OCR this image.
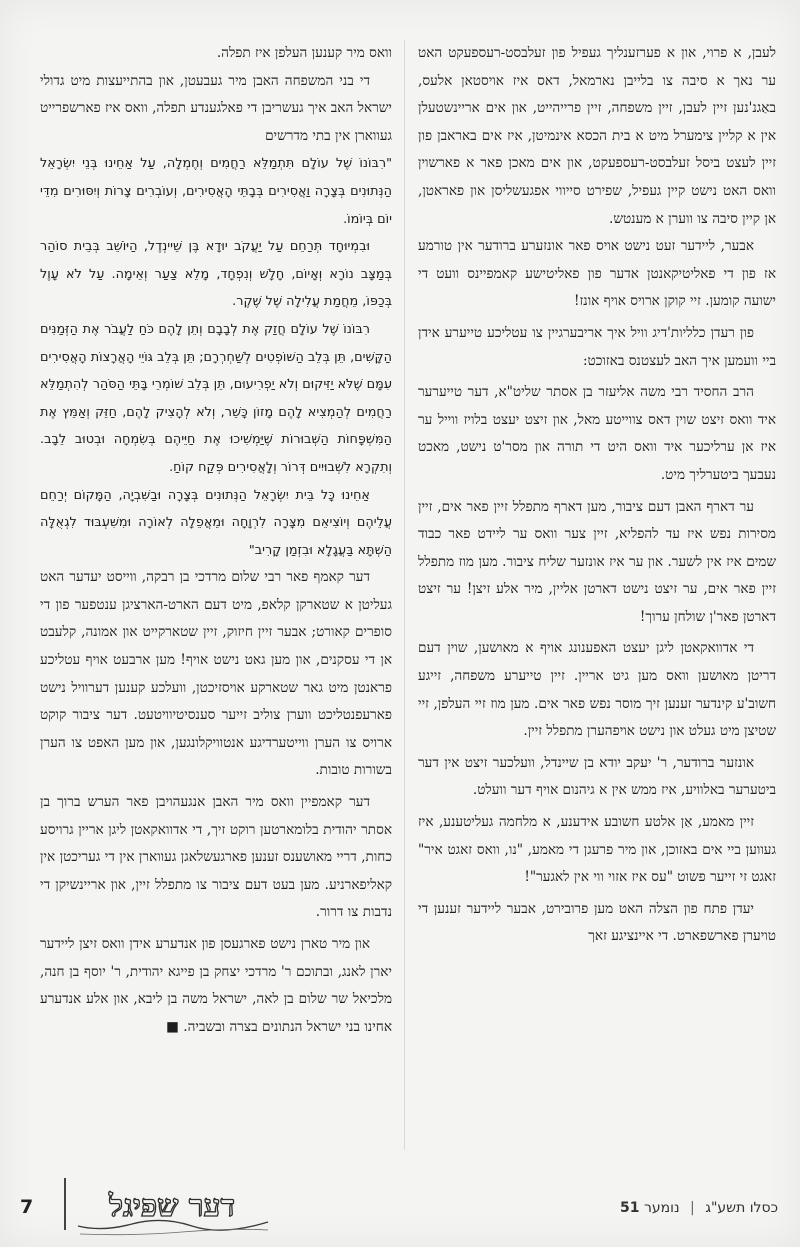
לעבן, א פרוי, און א פערזענליך געפיל פון זעלבסט-רעספעקט האט ער נאך א סיבה צו בלייבן נארמאל, דאס איז אויסטאן אלעס, באַגנ'נען זיין לעבן, זיין משפחה, זיין פרייהייט, און אים אריינשטעלן אין א קליין צימערל מיט א בית הכסא אינמיטן, איז אים באראבן פון זיין לעצט ביסל זעלבסט-רעספעקט, און אים מאכן פאר א פארשוין וואס האט נישט קיין געפיל, שפירט סייווי אפגעשליסן און פאראטן, אן קיין סיבה צו ווערן א מענטש.

אבער, ליידער זעט נישט אויס פאר אונזערע ברודער אין טורמע אז פון די פאליטיקאנטן אדער פון פאליטישע קאמפיינס וועט די ישועה קומען. זיי קוקן ארויס אויף אונז!

פון רעדן כלליות'דיג וויל איך אריבערגיין צו עטליכע טייערע אידן ביי וועמען איך האב לעצטנס באזוכט:

הרב החסיד רבי משה אליעזר בן אסתר שליט"א, דער טייערער איד וואס זיצט שוין דאס צווייטע מאל, און זיצט יעצט בלויז ווייל ער איז אן ערליכער איד וואס היט די תורה און מסר'ט נישט, מאכט נעבעך ביטערליך מיט.

ער דארף האבן דעם ציבור, מען דארף מתפלל זיין פאר אים, זיין מסירות נפש איז עד להפליא, זיין צער וואס ער ליידט פאר כבוד שמים איז אין לשער. און ער איז אונזער שליח ציבור. מען מוז מתפלל זיין פאר אים, ער זיצט נישט דארטן אליין, מיר אלע זיצן! ער זיצט דארטן פאר'ן שולחן ערוך!

די אדוואקאטן ליגן יעצט האפענונג אויף א מאושען, שוין דעם דריטן מאושען וואס מען גיט אריין. זיין טייערע משפחה, זייגע חשוב'ע קינדער זענען זיך מוסר נפש פאר אים. מען מוז זיי העלפן, זיי שטיצן מיט געלט און נישט אויפהערן מתפלל זיין.

אונזער ברודער, ר' יעקב יודא בן שיינדל, וועלכער זיצט אין דער ביטערער באלוויע, איז ממש אין א גיהנום אויף דער וועלט.

זיין מאמע, אַן אלטע חשובע אידענע, א מלחמה געליטענע, איז געווען ביי אים באזוכן, און מיר פרעגן די מאמע, "נו, וואס זאגט איר" זאגט זי זייער פשוט "עס איז אזוי ווי אין לאגער"!

יעדן פתח פון הצלה האט מען פרובירט, אבער ליידער זענען די טויערן פארשפארט. די איינציגע זאך

וואס מיר קענען העלפן איז תפלה.

די בני המשפחה האבן מיר געבעטן, און בהתייעצות מיט גדולי ישראל האב איך געשריבן די פאלגענדע תפלה, וואס איז פארשפרייט געווארן אין בתי מדרשים

"רִבּוֹנוֹ שֶׁל עוֹלָם תִּתְמַלֵּא רַחֲמִים וְחֶמְלָה, עַל אַחֵינוּ בְּנֵי יִשְׂרָאֵל הַנְּתוּנִים בְּצָרָה וַאֲסִירִים בְּבָתֵּי הָאֲסִירִים, וְעוֹבְרִים צָרוֹת וְיִסּוּרִים מִדֵּי יוֹם בְּיוֹמוֹ.

וּבִמְיוּחָד תְּרַחֵם עַל יַעֲקֹב יוּדָא בֶּן שֵׁיינְדֶל, הַיּוֹשֵׁב בְּבֵית סוֹהַר בְּמַצָּב נוֹרָא וְאָיוֹם, חָלָשׁ וְנִפְחָד, מָלֵא צַעַר וְאֵימָה. עַל לֹא עָוֶל בְּכַפּוֹ, מֵחֲמַת עֲלִילָה שֶׁל שֶׁקֶר.

רִבּוֹנוֹ שֶׁל עוֹלָם חֲזַק אֶת לְבָבָם וְתֵן לָהֶם כֹּחַ לַעֲבֹר אֶת הַזְּמַנִּים הַקָּשִׁים, תֵּן בְּלֵב הַשּׁוֹפְטִים לְשַׁחְרְרָם; תֵּן בְּלֵב גּוֹיֵי הָאֲרָצוֹת הָאֲסִירִים עִמָּם שֶׁלֹּא יַזִּיקוּם וְלֹא יַפְרִיעוּם, תֵּן בְּלֵב שׁוֹמְרֵי בָּתֵּי הַסֹּהַר לְהִתְמַלֵּא רַחֲמִים לְהַמְצִיא לָהֶם מָזוֹן כָּשֵׁר, וְלֹא לְהָצִיק לָהֶם, חַזֵּק וְאַמֵּץ אֶת הַמִּשְׁפָּחוֹת הַשְּׁבוּרוֹת שֶׁיַּמְשִׁיכוּ אֶת חַיֵּיהֶם בְּשִׂמְחָה וּבְטוּב לֵבָב. וְתִקְרָא לִשְׁבוּיִים דְּרוֹר וְלָאֲסִירִים פְּקַח קוֹחַ.

אַחֵינוּ כָּל בֵּית יִשְׂרָאֵל הַנְּתוּנִים בְּצָרָה וּבַשִּׁבְיָה, הַמָּקוֹם יְרַחֵם עֲלֵיהֶם וְיוֹצִיאֵם מִצָּרָה לִרְוָחָה וּמֵאֲפֵלָה לְאוֹרָה וּמִשִּׁעְבּוּד לִגְאֻלָּה הַשְׁתָּא בַּעֲגָלָא וּבִזְמַן קָרִיב"

דער קאמף פאר רבי שלום מרדכי בן רבקה, ווייסט יעדער האט געליטן א שטארקן קלאפ, מיט דעם הארט-הארציגן ענטפער פון די סופרים קאורט; אבער זיין חיזוק, זיין שטארקייט און אמונה, קלעבט אן די עסקנים, און מען גאט נישט אויף! מען ארבעט אויף עטליכע פראנטן מיט גאר שטארקע אויסזיכטן, וועלכע קענען דערוויל נישט פארעפנטליכט ווערן צוליב זייער סענסיטיוויטעט. דער ציבור קוקט ארויס צו הערן ווייטערדיגע אנטוויקלונגען, און מען האפט צו הערן בשורות טובות.

דער קאמפיין וואס מיר האבן אנגעהויבן פאר הערש ברוך בן אסתר יהודית בלומארטען רוקט זיך, די אדוואקאטן ליגן אריין גרויסע כחות, דריי מאושענס זענען פארגעשלאגן געווארן אין די געריכטן אין קאליפארניע. מען בעט דעם ציבור צו מתפלל זיין, און אריינשיקן די נדבות צו דרור.

און מיר טארן נישט פארגעסן פון אנדערע אידן וואס זיצן ליידער יארן לאנג, ובתוכם ר' מרדכי יצחק בן פייגא יהודית, ר' יוסף בן חנה, מלכיאל שר שלום בן לאה, ישראל משה בן ליבא, און אלע אנדערע אחינו בני ישראל הנתונים בצרה ובשביה. ■

7	דער שפיגל	כסלו תשע"ג | נומער 51
